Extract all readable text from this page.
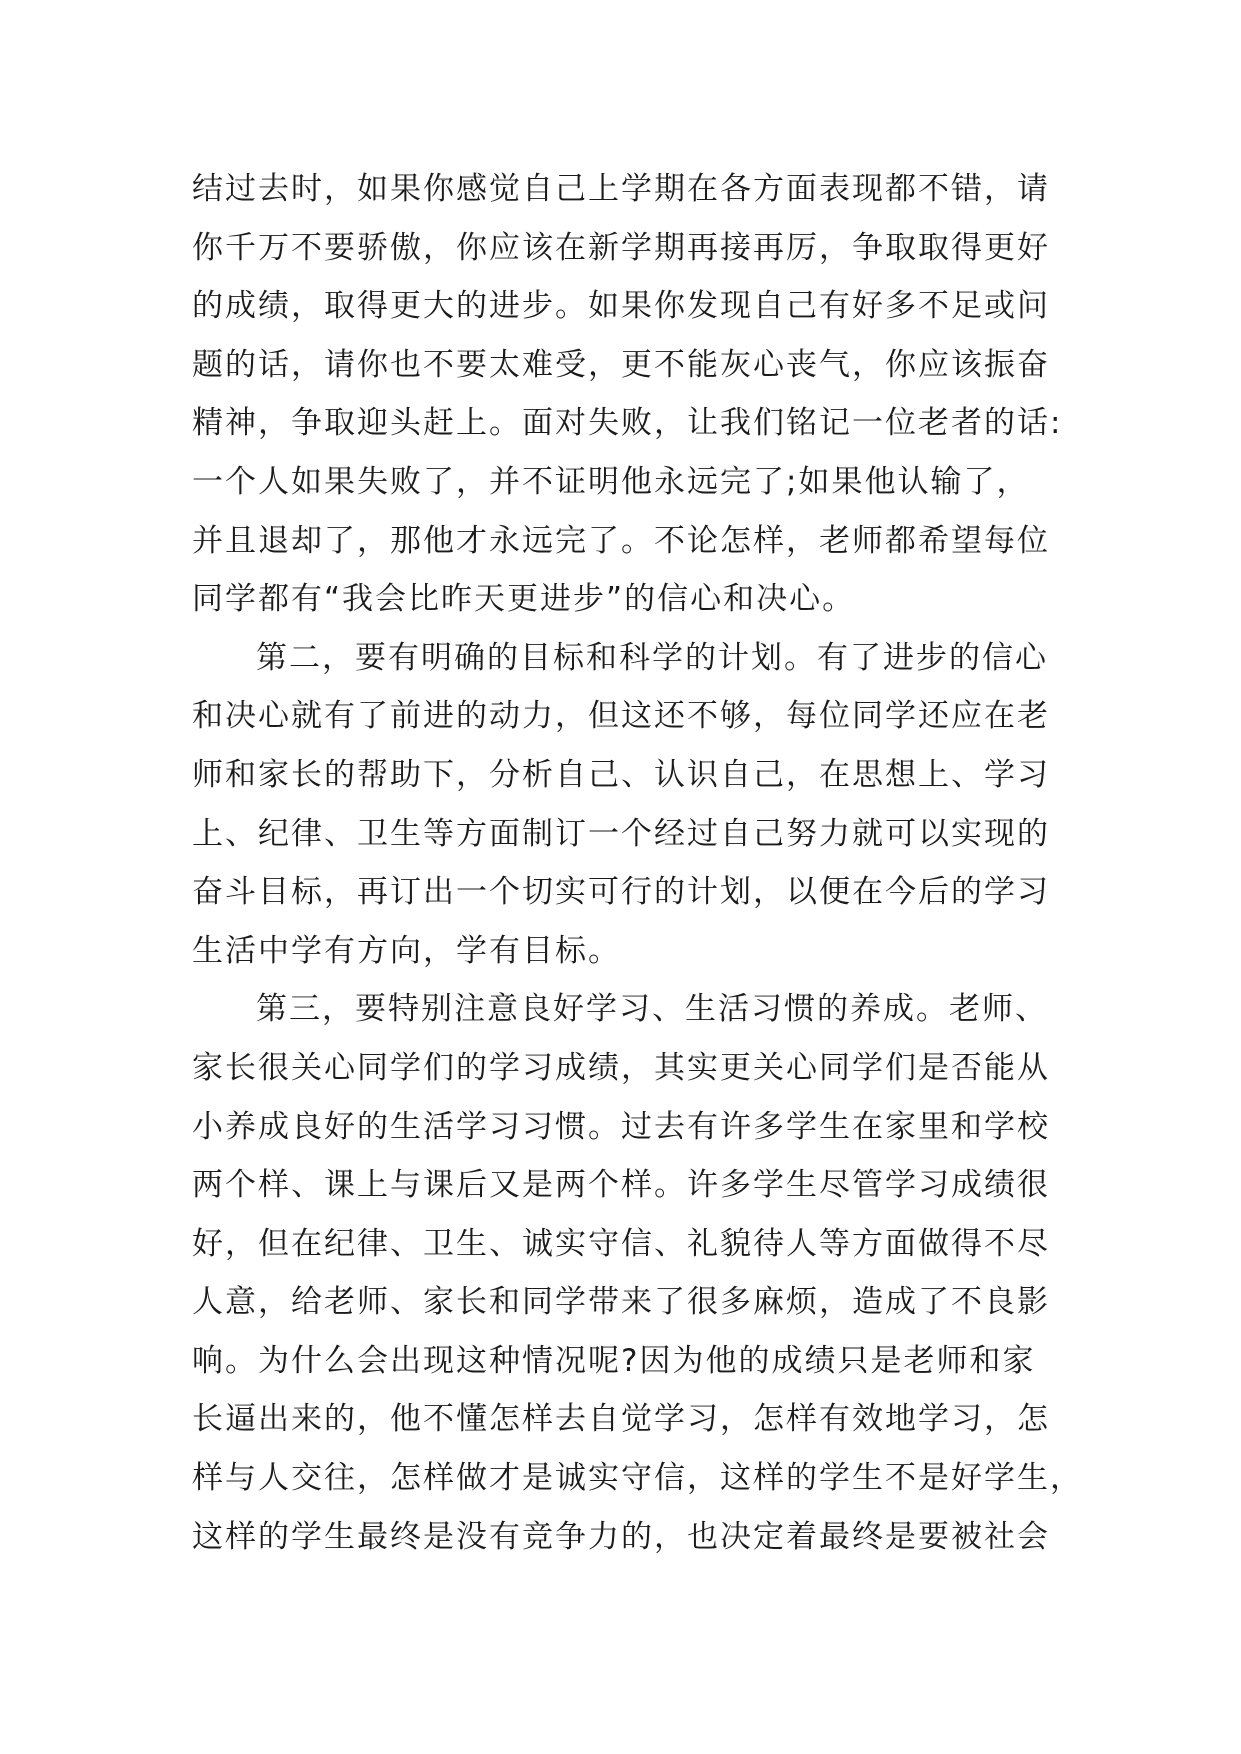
结过去时，如果你感觉自己上学期在各方面表现都不错，请
你千万不要骄傲，你应该在新学期再接再厉，争取取得更好
的成绩，取得更大的进步。如果你发现自己有好多不足或问
题的话，请你也不要太难受，更不能灰心丧气，你应该振奋
精神，争取迎头赶上。面对失败，让我们铭记一位老者的话:
一个人如果失败了，并不证明他永远完了;如果他认输了，
并且退却了，那他才永远完了。不论怎样，老师都希望每位
同学都有“我会比昨天更进步”的信心和决心。
第二，要有明确的目标和科学的计划。有了进步的信心
和决心就有了前进的动力，但这还不够，每位同学还应在老
师和家长的帮助下，分析自己、认识自己，在思想上、学习
上、纪律、卫生等方面制订一个经过自己努力就可以实现的
奋斗目标，再订出一个切实可行的计划，以便在今后的学习
生活中学有方向，学有目标。
第三，要特别注意良好学习、生活习惯的养成。老师、
家长很关心同学们的学习成绩，其实更关心同学们是否能从
小养成良好的生活学习习惯。过去有许多学生在家里和学校
两个样、课上与课后又是两个样。许多学生尽管学习成绩很
好，但在纪律、卫生、诚实守信、礼貌待人等方面做得不尽
人意，给老师、家长和同学带来了很多麻烦，造成了不良影
响。为什么会出现这种情况呢?因为他的成绩只是老师和家
长逼出来的，他不懂怎样去自觉学习，怎样有效地学习，怎
样与人交往，怎样做才是诚实守信，这样的学生不是好学生，
这样的学生最终是没有竞争力的，也决定着最终是要被社会
